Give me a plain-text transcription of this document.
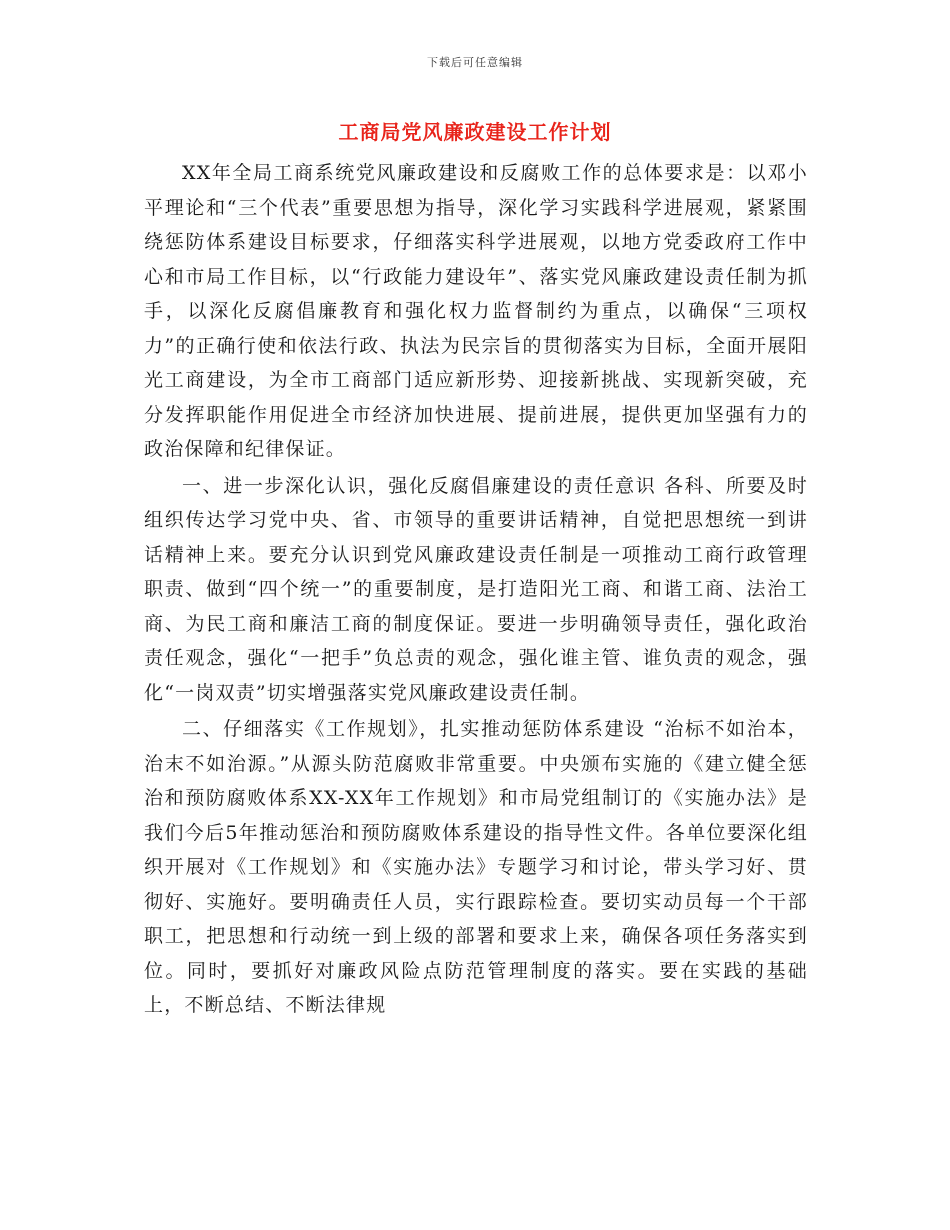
下载后可任意编辑
工商局党风廉政建设工作计划

XX年全局工商系统党风廉政建设和反腐败工作的总体要求是：以邓小平理论和“三个代表”重要思想为指导，深化学习实践科学进展观，紧紧围绕惩防体系建设目标要求，仔细落实科学进展观，以地方党委政府工作中心和市局工作目标，以“行政能力建设年”、落实党风廉政建设责任制为抓手，以深化反腐倡廉教育和强化权力监督制约为重点，以确保“三项权力”的正确行使和依法行政、执法为民宗旨的贯彻落实为目标，全面开展阳光工商建设，为全市工商部门适应新形势、迎接新挑战、实现新突破，充分发挥职能作用促进全市经济加快进展、提前进展，提供更加坚强有力的政治保障和纪律保证。

一、进一步深化认识，强化反腐倡廉建设的责任意识 各科、所要及时组织传达学习党中央、省、市领导的重要讲话精神，自觉把思想统一到讲话精神上来。要充分认识到党风廉政建设责任制是一项推动工商行政管理职责、做到“四个统一”的重要制度，是打造阳光工商、和谐工商、法治工商、为民工商和廉洁工商的制度保证。要进一步明确领导责任，强化政治责任观念，强化“一把手”负总责的观念，强化谁主管、谁负责的观念，强化“一岗双责”切实增强落实党风廉政建设责任制。

二、仔细落实《工作规划》，扎实推动惩防体系建设 “治标不如治本，治末不如治源。”从源头防范腐败非常重要。中央颁布实施的《建立健全惩治和预防腐败体系XX-XX年工作规划》和市局党组制订的《实施办法》是我们今后5年推动惩治和预防腐败体系建设的指导性文件。各单位要深化组织开展对《工作规划》和《实施办法》专题学习和讨论，带头学习好、贯彻好、实施好。要明确责任人员，实行跟踪检查。要切实动员每一个干部职工，把思想和行动统一到上级的部署和要求上来，确保各项任务落实到位。同时，要抓好对廉政风险点防范管理制度的落实。要在实践的基础上，不断总结、不断法律规
